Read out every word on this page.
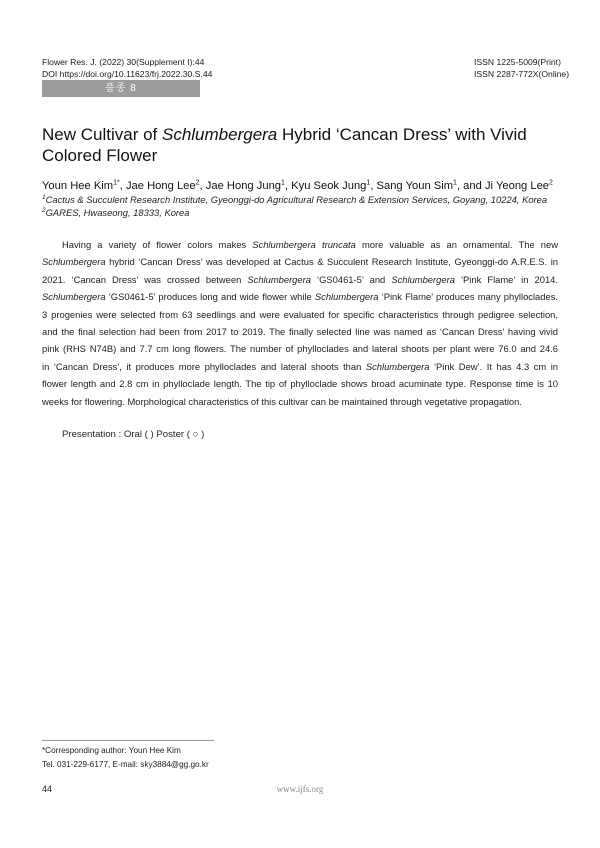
Flower Res. J. (2022) 30(Supplement I):44
DOI https://doi.org/10.11623/frj.2022.30.S.44
ISSN 1225-5009(Print)
ISSN 2287-772X(Online)
품종 8
New Cultivar of Schlumbergera Hybrid ‘Cancan Dress’ with Vivid
Colored Flower
Youn Hee Kim$^{1*}$, Jae Hong Lee$^2$, Jae Hong Jung$^1$, Kyu Seok Jung$^1$, Sang Youn Sim$^1$, and Ji Yeong Lee$^2$
$^1$Cactus & Succulent Research Institute, Gyeonggi-do Agricultural Research & Extension Services, Goyang, 10224, Korea
$^2$GARES, Hwaseong, 18333, Korea
Having a variety of flower colors makes Schlumbergera truncata more valuable as an ornamental. The new
Schlumbergera hybrid ‘Cancan Dress’ was developed at Cactus & Succulent Research Institute, Gyeonggi-do A.R.E.S. in
2021. ‘Cancan Dress’ was crossed between Schlumbergera ‘GS0461-5’ and Schlumbergera ‘Pink Flame’ in 2014.
Schlumbergera ‘GS0461-5’ produces long and wide flower while Schlumbergera ‘Pink Flame’ produces many phylloclades.
3 progenies were selected from 63 seedlings and were evaluated for specific characteristics through pedigree selection,
and the final selection had been from 2017 to 2019. The finally selected line was named as ‘Cancan Dress’ having vivid
pink (RHS N74B) and 7.7 cm long flowers. The number of phylloclades and lateral shoots per plant were 76.0 and 24.6
in ‘Cancan Dress’, it produces more phylloclades and lateral shoots than Schlumbergera ‘Pink Dew’. It has 4.3 cm in
flower length and 2.8 cm in phylloclade length. The tip of phylloclade shows broad acuminate type. Response time is 10
weeks for flowering. Morphological characteristics of this cultivar can be maintained through vegetative propagation.
Presentation : Oral ( ) Poster ( ○ )
*Corresponding author: Youn Hee Kim
Tel. 031-229-6177, E-mail: sky3884@gg.go.kr
44	www.ijfs.org
